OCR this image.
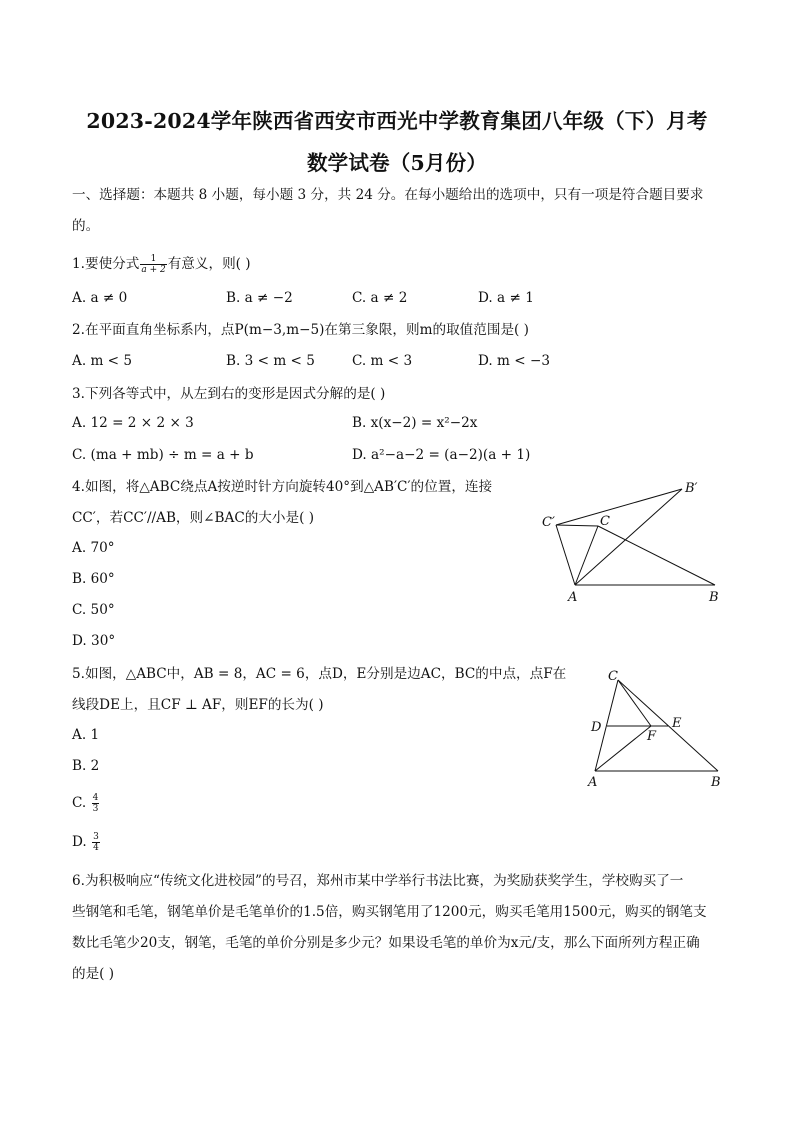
2023-2024学年陕西省西安市西光中学教育集团八年级（下）月考
数学试卷（5月份）
一、选择题：本题共 8 小题，每小题 3 分，共 24 分。在每小题给出的选项中，只有一项是符合题目要求
的。
1.要使分式 $\frac{1}{a + 2}$ 有意义，则( )
A. a ≠ 0	B. a ≠ −2	C. a ≠ 2	D. a ≠ 1
2.在平面直角坐标系内，点P(m−3,m−5)在第三象限，则m的取值范围是( )
A. m < 5	B. 3 < m < 5	C. m < 3	D. m < −3
3.下列各等式中，从左到右的变形是因式分解的是( )
A. 12 = 2 × 2 × 3	B. x(x−2) = x²−2x
C. (ma + mb) ÷ m = a + b	D. a²−a−2 = (a−2)(a + 1)
4.如图，将△ABC绕点A按逆时针方向旋转40°到△AB′C′的位置，连接
CC′，若CC′//AB，则∠BAC的大小是( )
A. 70°
B. 60°
C. 50°
D. 30°
A	B
C
B′
C′
5.如图，△ABC中，AB = 8，AC = 6，点D，E分别是边AC，BC的中点，点F在
线段DE上，且CF ⊥ AF，则EF的长为( )
A. 1
B. 2
C. $\frac{4}{3}$
D. $\frac{3}{4}$
C
D	E
F
A	B
6.为积极响应“传统文化进校园”的号召，郑州市某中学举行书法比赛，为奖励获奖学生，学校购买了一
些钢笔和毛笔，钢笔单价是毛笔单价的1.5倍，购买钢笔用了1200元，购买毛笔用1500元，购买的钢笔支
数比毛笔少20支，钢笔，毛笔的单价分别是多少元？如果设毛笔的单价为x元/支，那么下面所列方程正确
的是( )
